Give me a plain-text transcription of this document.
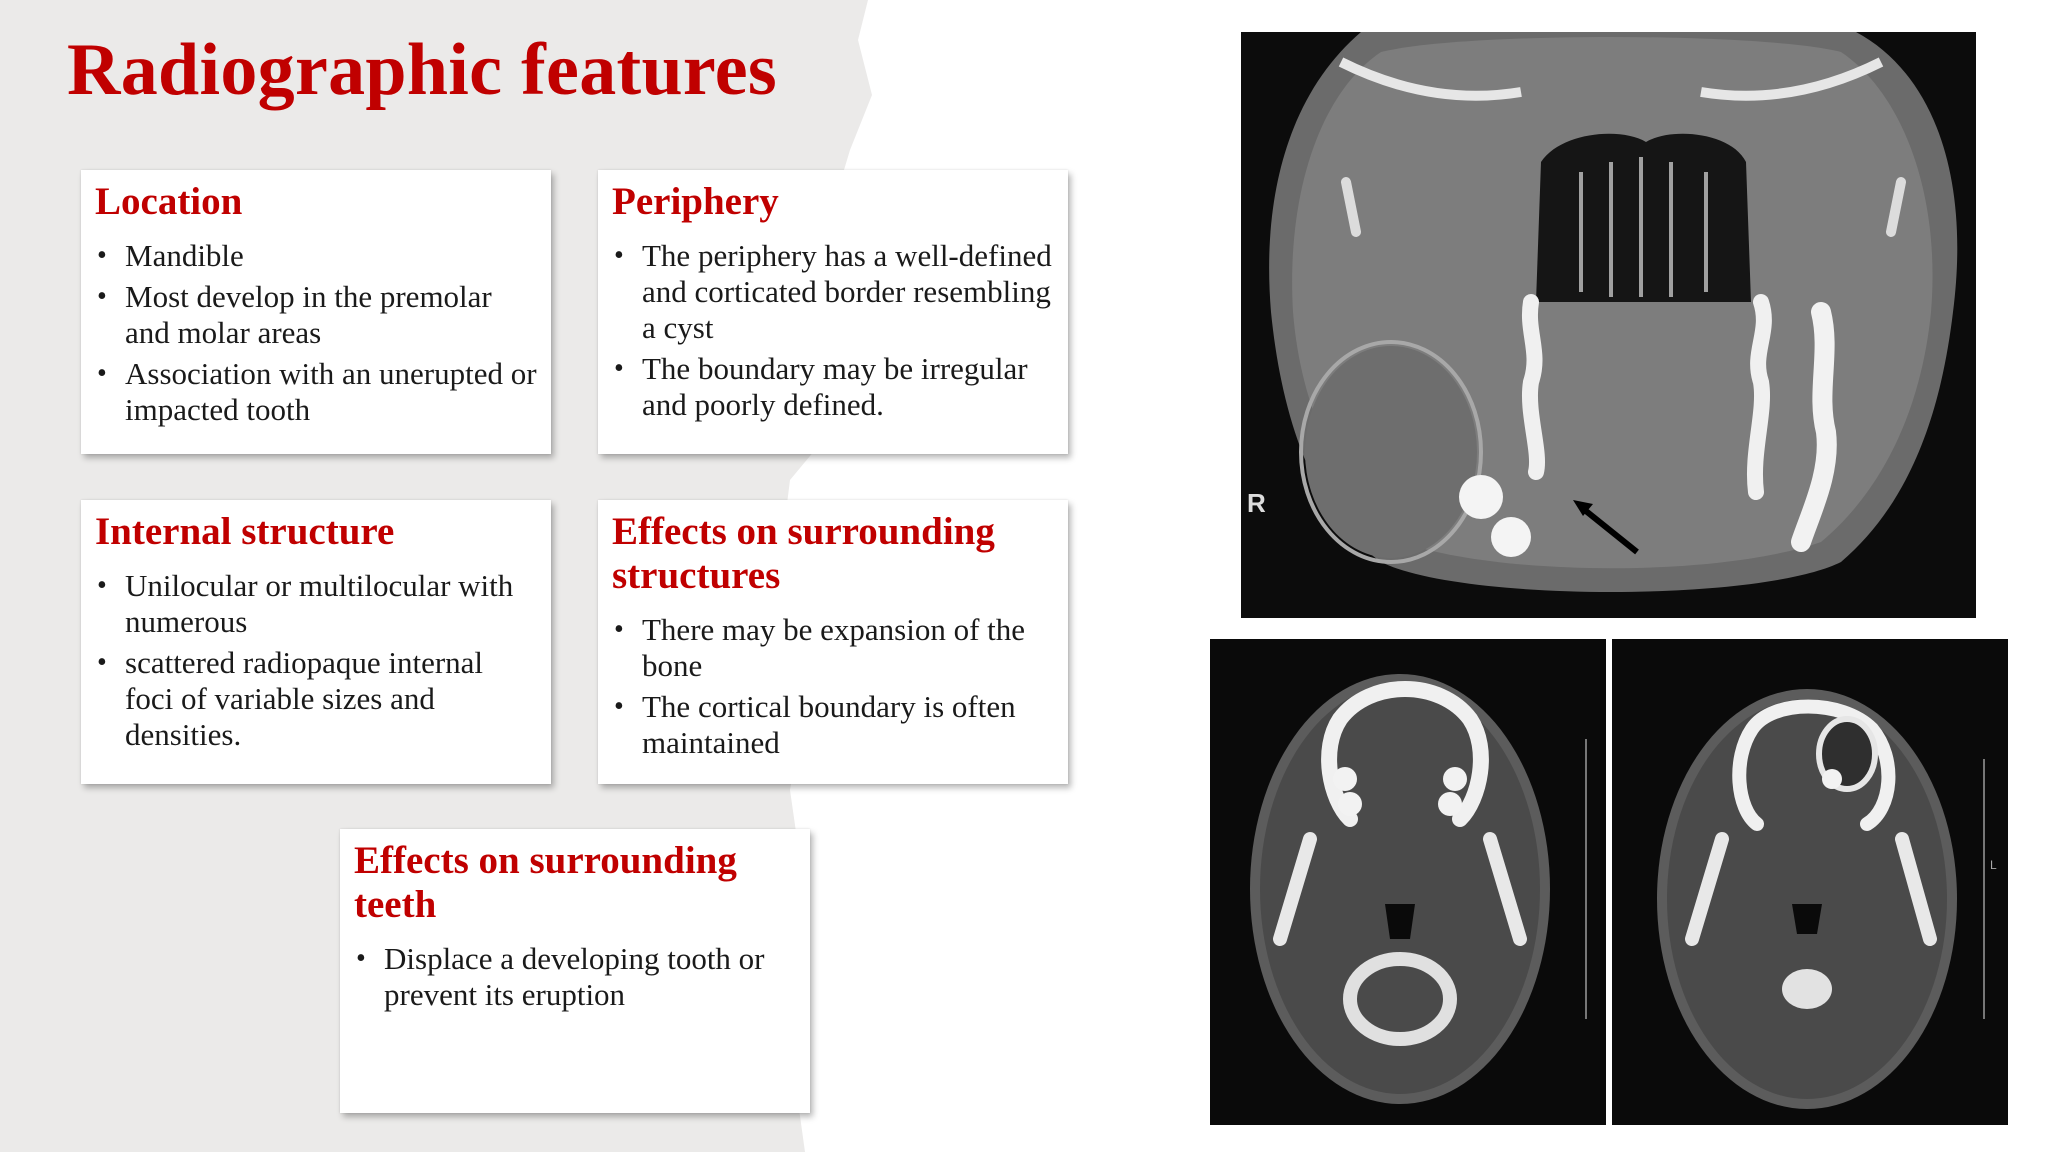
Radiographic features
Location
• Mandible
• Most develop in the premolar and molar areas
• Association with an unerupted or impacted tooth
Periphery
• The periphery has a well-defined and corticated border resembling a cyst
• The boundary may be irregular and poorly defined.
Internal structure
• Unilocular or multilocular with numerous
• scattered radiopaque internal foci of variable sizes and densities.
Effects on surrounding structures
• There may be expansion of the bone
• The cortical boundary is often maintained
Effects on surrounding teeth
• Displace a developing tooth or prevent its eruption
R
L
